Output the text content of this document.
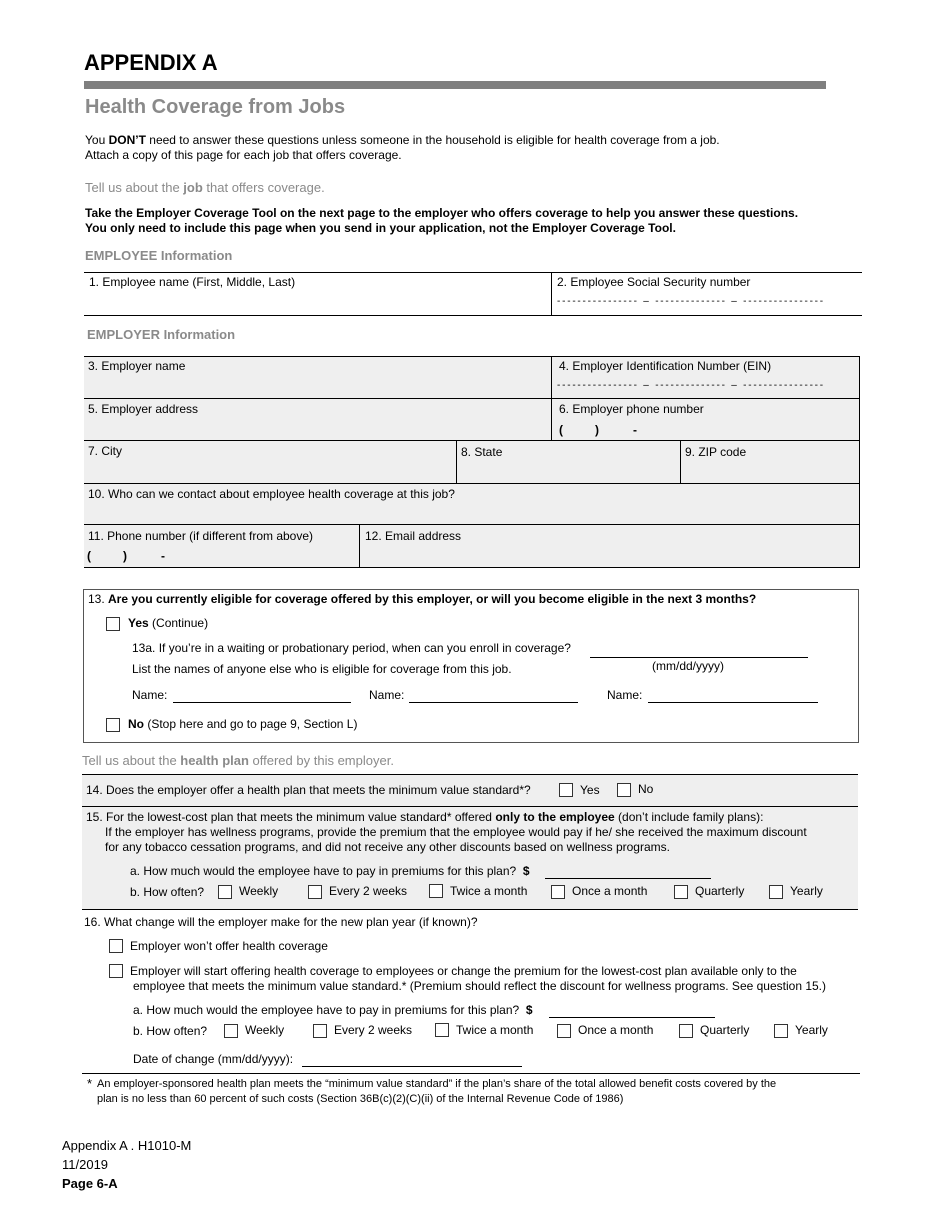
APPENDIX A
Health Coverage from Jobs
You DON’T need to answer these questions unless someone in the household is eligible for health coverage from a job.
Attach a copy of this page for each job that offers coverage.
Tell us about the job that offers coverage.
Take the Employer Coverage Tool on the next page to the employer who offers coverage to help you answer these questions.
You only need to include this page when you send in your application, not the Employer Coverage Tool.
EMPLOYEE Information
1. Employee name (First, Middle, Last)	2. Employee Social Security number
- - - - - - - - - - - - - - - -   –   - - - - - - - - - - - - - -   –   - - - - - - - - - - - - - - - -
EMPLOYER Information
3. Employer name	4. Employer Identification Number (EIN)
- - - - - - - - - - - - - - - -   –   - - - - - - - - - - - - - -   –   - - - - - - - - - - - - - - - -
5. Employer address	6. Employer phone number
(	)	-
7. City	8. State	9. ZIP code
10. Who can we contact about employee health coverage at this job?
11. Phone number (if different from above)
(	)	-
12. Email address
13. Are you currently eligible for coverage offered by this employer, or will you become eligible in the next 3 months?
Yes (Continue)
13a. If you’re in a waiting or probationary period, when can you enroll in coverage?
(mm/dd/yyyy)
List the names of anyone else who is eligible for coverage from this job.
Name:	Name:	Name:
No (Stop here and go to page 9, Section L)
Tell us about the health plan offered by this employer.
14. Does the employer offer a health plan that meets the minimum value standard*?	Yes	No
15. For the lowest-cost plan that meets the minimum value standard* offered only to the employee (don’t include family plans):
If the employer has wellness programs, provide the premium that the employee would pay if he/ she received the maximum discount
for any tobacco cessation programs, and did not receive any other discounts based on wellness programs.
a. How much would the employee have to pay in premiums for this plan? $
b. How often?	Weekly	Every 2 weeks	Twice a month	Once a month	Quarterly	Yearly
16. What change will the employer make for the new plan year (if known)?
Employer won’t offer health coverage
Employer will start offering health coverage to employees or change the premium for the lowest-cost plan available only to the
employee that meets the minimum value standard.* (Premium should reflect the discount for wellness programs. See question 15.)
a. How much would the employee have to pay in premiums for this plan? $
b. How often?	Weekly	Every 2 weeks	Twice a month	Once a month	Quarterly	Yearly
Date of change (mm/dd/yyyy):
* An employer-sponsored health plan meets the “minimum value standard” if the plan’s share of the total allowed benefit costs covered by the
plan is no less than 60 percent of such costs (Section 36B(c)(2)(C)(ii) of the Internal Revenue Code of 1986)
Appendix A . H1010-M
11/2019
Page 6-A
